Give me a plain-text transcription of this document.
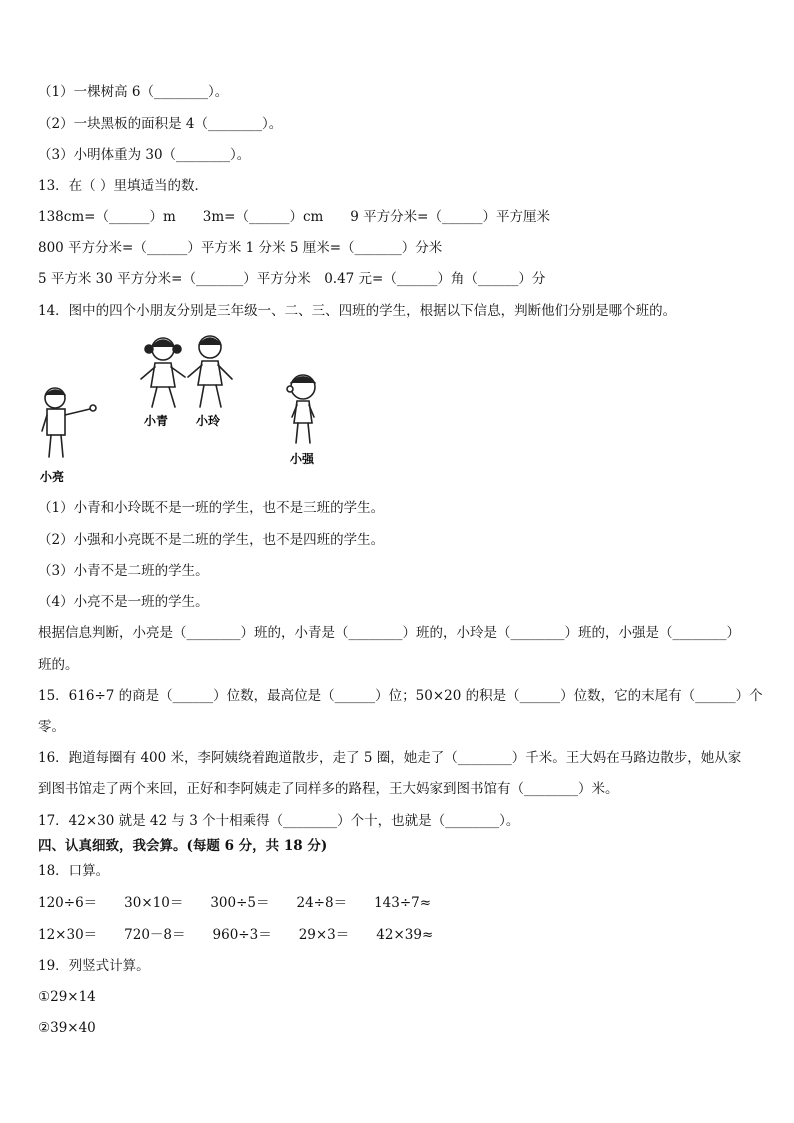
（1）一棵树高 6（________）。
（2）一块黑板的面积是 4（________）。
（3）小明体重为 30（________）。
13．在（ ）里填适当的数．
138cm=（______）m　　3m=（______）cm　　9 平方分米=（______）平方厘米
800 平方分米=（______）平方米 1 分米 5 厘米=（_______）分米
5 平方米 30 平方分米=（_______）平方分米　0.47 元=（______）角（______）分
14．图中的四个小朋友分别是三年级一、二、三、四班的学生，根据以下信息，判断他们分别是哪个班的。
小青 小玲
小亮
小强
（1）小青和小玲既不是一班的学生，也不是三班的学生。
（2）小强和小亮既不是二班的学生，也不是四班的学生。
（3）小青不是二班的学生。
（4）小亮不是一班的学生。
根据信息判断，小亮是（________）班的，小青是（________）班的，小玲是（________）班的，小强是（________）
班的。
15．616÷7 的商是（______）位数，最高位是（______）位；50×20 的积是（______）位数，它的末尾有（______）个
零。
16．跑道每圈有 400 米，李阿姨绕着跑道散步，走了 5 圈，她走了（________）千米。王大妈在马路边散步，她从家
到图书馆走了两个来回，正好和李阿姨走了同样多的路程，王大妈家到图书馆有（________）米。
17．42×30 就是 42 与 3 个十相乘得（________）个十，也就是（________）。
四、认真细致，我会算。(每题 6 分，共 18 分)
18．口算。
120÷6＝　　30×10＝　　300÷5＝　　24÷8＝　　143÷7≈
12×30＝　　720－8＝　　960÷3＝　　29×3＝　　42×39≈
19．列竖式计算。
①29×14
②39×40
